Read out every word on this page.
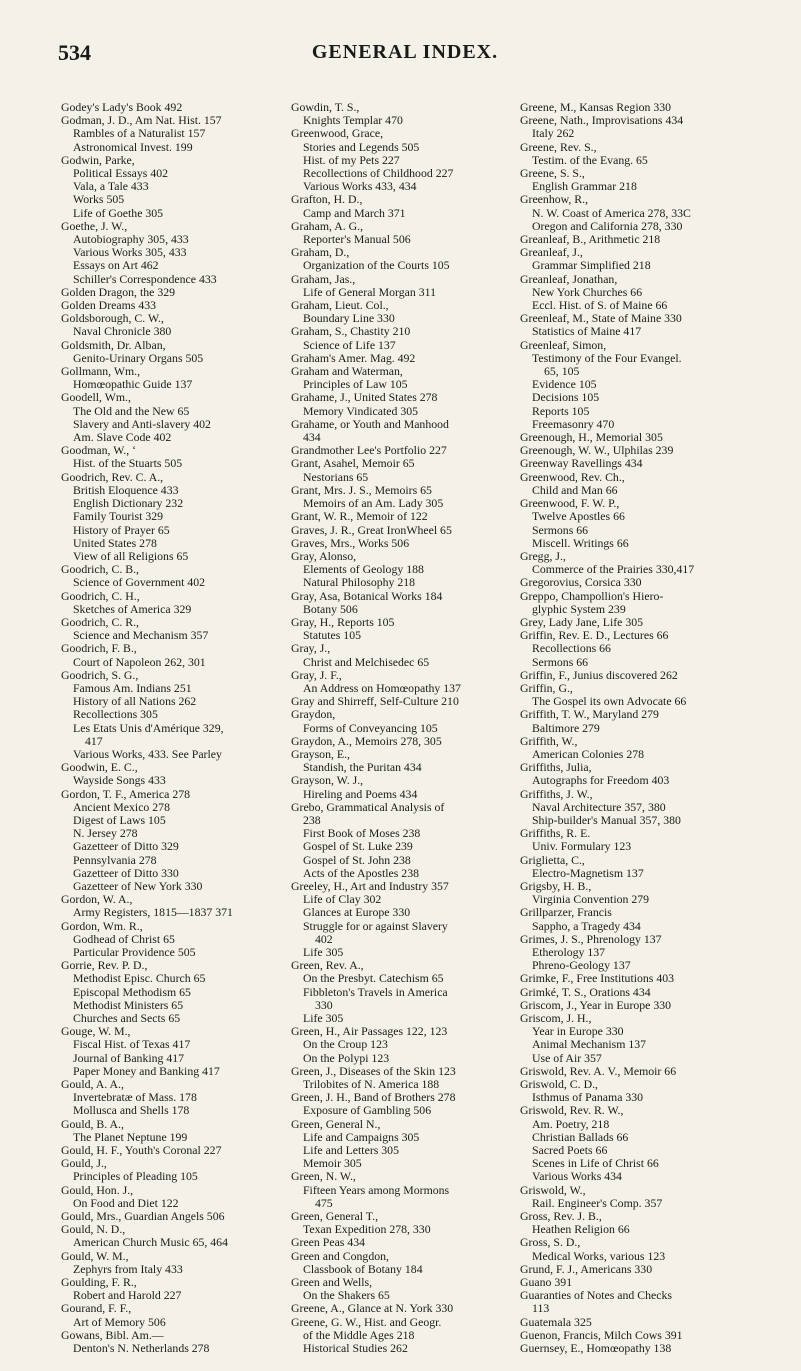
534	GENERAL INDEX.
Godey's Lady's Book 492
Godman, J. D., Am Nat. Hist. 157
Rambles of a Naturalist 157
Astronomical Invest. 199
Godwin, Parke,
Political Essays 402
Vala, a Tale 433
Works 505
Life of Goethe 305
Goethe, J. W.,
Autobiography 305, 433
Various Works 305, 433
Essays on Art 462
Schiller's Correspondence 433
Golden Dragon, the 329
Golden Dreams 433
Goldsborough, C. W.,
Naval Chronicle 380
Goldsmith, Dr. Alban,
Genito-Urinary Organs 505
Gollmann, Wm.,
Homœopathic Guide 137
Goodell, Wm.,
The Old and the New 65
Slavery and Anti-slavery 402
Am. Slave Code 402
Goodman, W., ‘
Hist. of the Stuarts 505
Goodrich, Rev. C. A.,
British Eloquence 433
English Dictionary 232
Family Tourist 329
History of Prayer 65
United States 278
View of all Religions 65
Goodrich, C. B.,
Science of Government 402
Goodrich, C. H.,
Sketches of America 329
Goodrich, C. R.,
Science and Mechanism 357
Goodrich, F. B.,
Court of Napoleon 262, 301
Goodrich, S. G.,
Famous Am. Indians 251
History of all Nations 262
Recollections 305
Les Etats Unis d'Amérique 329,
417
Various Works, 433. See Parley
Goodwin, E. C.,
Wayside Songs 433
Gordon, T. F., America 278
Ancient Mexico 278
Digest of Laws 105
N. Jersey 278
Gazetteer of Ditto 329
Pennsylvania 278
Gazetteer of Ditto 330
Gazetteer of New York 330
Gordon, W. A.,
Army Registers, 1815—1837 371
Gordon, Wm. R.,
Godhead of Christ 65
Particular Providence 505
Gorrie, Rev. P. D.,
Methodist Episc. Church 65
Episcopal Methodism 65
Methodist Ministers 65
Churches and Sects 65
Gouge, W. M.,
Fiscal Hist. of Texas 417
Journal of Banking 417
Paper Money and Banking 417
Gould, A. A.,
Invertebratæ of Mass. 178
Mollusca and Shells 178
Gould, B. A.,
The Planet Neptune 199
Gould, H. F., Youth's Coronal 227
Gould, J.,
Principles of Pleading 105
Gould, Hon. J.,
On Food and Diet 122
Gould, Mrs., Guardian Angels 506
Gould, N. D.,
American Church Music 65, 464
Gould, W. M.,
Zephyrs from Italy 433
Goulding, F. R.,
Robert and Harold 227
Gourand, F. F.,
Art of Memory 506
Gowans, Bibl. Am.—
Denton's N. Netherlands 278
Gowdin, T. S.,
Knights Templar 470
Greenwood, Grace,
Stories and Legends 505
Hist. of my Pets 227
Recollections of Childhood 227
Various Works 433, 434
Grafton, H. D.,
Camp and March 371
Graham, A. G.,
Reporter's Manual 506
Graham, D.,
Organization of the Courts 105
Graham, Jas.,
Life of General Morgan 311
Graham, Lieut. Col.,
Boundary Line 330
Graham, S., Chastity 210
Science of Life 137
Graham's Amer. Mag. 492
Graham and Waterman,
Principles of Law 105
Grahame, J., United States 278
Memory Vindicated 305
Grahame, or Youth and Manhood
434
Grandmother Lee's Portfolio 227
Grant, Asahel, Memoir 65
Nestorians 65
Grant, Mrs. J. S., Memoirs 65
Memoirs of an Am. Lady 305
Grant, W. R., Memoir of 122
Graves, J. R., Great IronWheel 65
Graves, Mrs., Works 506
Gray, Alonso,
Elements of Geology 188
Natural Philosophy 218
Gray, Asa, Botanical Works 184
Botany 506
Gray, H., Reports 105
Statutes 105
Gray, J.,
Christ and Melchisedec 65
Gray, J. F.,
An Address on Homœopathy 137
Gray and Shirreff, Self-Culture 210
Graydon,
Forms of Conveyancing 105
Graydon, A., Memoirs 278, 305
Grayson, E.,
Standish, the Puritan 434
Grayson, W. J.,
Hireling and Poems 434
Grebo, Grammatical Analysis of
238
First Book of Moses 238
Gospel of St. Luke 239
Gospel of St. John 238
Acts of the Apostles 238
Greeley, H., Art and Industry 357
Life of Clay 302
Glances at Europe 330
Struggle for or against Slavery
402
Life 305
Green, Rev. A.,
On the Presbyt. Catechism 65
Fibbleton's Travels in America
330
Life 305
Green, H., Air Passages 122, 123
On the Croup 123
On the Polypi 123
Green, J., Diseases of the Skin 123
Trilobites of N. America 188
Green, J. H., Band of Brothers 278
Exposure of Gambling 506
Green, General N.,
Life and Campaigns 305
Life and Letters 305
Memoir 305
Green, N. W.,
Fifteen Years among Mormons
475
Green, General T.,
Texan Expedition 278, 330
Green Peas 434
Green and Congdon,
Classbook of Botany 184
Green and Wells,
On the Shakers 65
Greene, A., Glance at N. York 330
Greene, G. W., Hist. and Geogr.
of the Middle Ages 218
Historical Studies 262
Greene, M., Kansas Region 330
Greene, Nath., Improvisations 434
Italy 262
Greene, Rev. S.,
Testim. of the Evang. 65
Greene, S. S.,
English Grammar 218
Greenhow, R.,
N. W. Coast of America 278, 33C
Oregon and California 278, 330
Greanleaf, B., Arithmetic 218
Greanleaf, J.,
Grammar Simplified 218
Greanleaf, Jonathan,
New York Churches 66
Eccl. Hist. of S. of Maine 66
Greenleaf, M., State of Maine 330
Statistics of Maine 417
Greenleaf, Simon,
Testimony of the Four Evangel.
65, 105
Evidence 105
Decisions 105
Reports 105
Freemasonry 470
Greenough, H., Memorial 305
Greenough, W. W., Ulphilas 239
Greenway Ravellings 434
Greenwood, Rev. Ch.,
Child and Man 66
Greenwood, F. W. P.,
Twelve Apostles 66
Sermons 66
Miscell. Writings 66
Gregg, J.,
Commerce of the Prairies 330,417
Gregorovius, Corsica 330
Greppo, Champollion's Hiero-
glyphic System 239
Grey, Lady Jane, Life 305
Griffin, Rev. E. D., Lectures 66
Recollections 66
Sermons 66
Griffin, F., Junius discovered 262
Griffin, G.,
The Gospel its own Advocate 66
Griffith, T. W., Maryland 279
Baltimore 279
Griffith, W.,
American Colonies 278
Griffiths, Julia,
Autographs for Freedom 403
Griffiths, J. W.,
Naval Architecture 357, 380
Ship-builder's Manual 357, 380
Griffiths, R. E.
Univ. Formulary 123
Griglietta, C.,
Electro-Magnetism 137
Grigsby, H. B.,
Virginia Convention 279
Grillparzer, Francis
Sappho, a Tragedy 434
Grimes, J. S., Phrenology 137
Etherology 137
Phreno-Geology 137
Grimke, F., Free Institutions 403
Grimké, T. S., Orations 434
Griscom, J., Year in Europe 330
Griscom, J. H.,
Year in Europe 330
Animal Mechanism 137
Use of Air 357
Griswold, Rev. A. V., Memoir 66
Griswold, C. D.,
Isthmus of Panama 330
Griswold, Rev. R. W.,
Am. Poetry, 218
Christian Ballads 66
Sacred Poets 66
Scenes in Life of Christ 66
Various Works 434
Griswold, W.,
Rail. Engineer's Comp. 357
Gross, Rev. J. B.,
Heathen Religion 66
Gross, S. D.,
Medical Works, various 123
Grund, F. J., Americans 330
Guano 391
Guaranties of Notes and Checks
113
Guatemala 325
Guenon, Francis, Milch Cows 391
Guernsey, E., Homœopathy 138
